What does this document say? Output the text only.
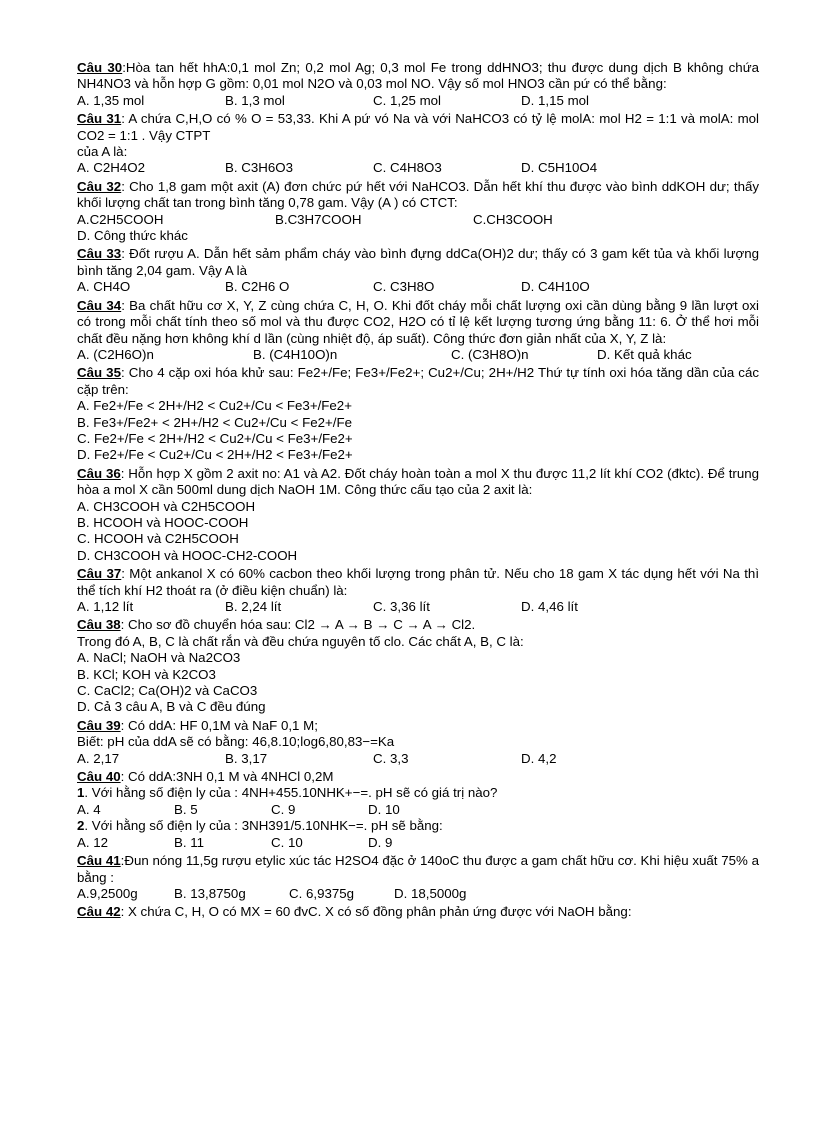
Câu 30:Hòa tan hết hhA:0,1 mol Zn; 0,2 mol Ag; 0,3 mol Fe trong ddHNO3; thu được dung dịch B không chứa NH4NO3 và hỗn hợp G gồm: 0,01 mol N2O và 0,03 mol NO. Vậy số mol HNO3 cần pứ có thể bằng:

A. 1,35 mol	B. 1,3 mol	C. 1,25 mol	D. 1,15 mol

Câu 31: A chứa C,H,O có % O = 53,33. Khi A pứ vó Na và với NaHCO3 có tỷ lệ molA: mol H2 = 1:1 và molA: mol CO2 = 1:1 . Vậy CTPT

của A là:

A. C2H4O2	B. C3H6O3	C. C4H8O3	D. C5H10O4

Câu 32: Cho 1,8 gam một axit (A) đơn chức pứ hết với NaHCO3. Dẫn hết khí thu được vào bình ddKOH dư; thấy khối lượng chất tan trong bình tăng 0,78 gam. Vậy (A ) có CTCT:

A.C2H5COOH	B.C3H7COOH	C.CH3COOH
D. Công thức khác

Câu 33: Đốt rượu A. Dẫn hết sảm phẩm cháy vào bình đựng ddCa(OH)2 dư; thấy có 3 gam kết tủa và khối lượng bình tăng 2,04 gam. Vậy A là

A. CH4O	B. C2H6 O	C. C3H8O	D. C4H10O

Câu 34: Ba chất hữu cơ X, Y, Z cùng chứa C, H, O. Khi đốt cháy mỗi chất lượng oxi cần dùng bằng 9 lần lượt oxi có trong mỗi chất tính theo số mol và thu được CO2, H2O có tỉ lệ kết lượng tương ứng bằng 11: 6. Ở thể hơi mỗi chất đều nặng hơn không khí d lần (cùng nhiệt độ, áp suất). Công thức đơn giản nhất của X, Y, Z là:

A. (C2H6O)n	B. (C4H10O)n	C. (C3H8O)n	D. Kết quả khác

Câu 35: Cho 4 cặp oxi hóa khử sau: Fe2+/Fe; Fe3+/Fe2+; Cu2+/Cu; 2H+/H2 Thứ tự tính oxi hóa tăng dần của các cặp trên:

A. Fe2+/Fe < 2H+/H2 < Cu2+/Cu < Fe3+/Fe2+
B. Fe3+/Fe2+ < 2H+/H2 < Cu2+/Cu < Fe2+/Fe
C. Fe2+/Fe < 2H+/H2 < Cu2+/Cu < Fe3+/Fe2+
D. Fe2+/Fe < Cu2+/Cu < 2H+/H2 < Fe3+/Fe2+

Câu 36: Hỗn hợp X gồm 2 axit no: A1 và A2. Đốt cháy hoàn toàn a mol X thu được 11,2 lít khí CO2 (đktc). Để trung hòa a mol X cần 500ml dung dịch NaOH 1M. Công thức cấu tạo của 2 axit là:

A. CH3COOH và C2H5COOH
B. HCOOH và HOOC-COOH
C. HCOOH và C2H5COOH
D. CH3COOH và HOOC-CH2-COOH

Câu 37: Một ankanol X có 60% cacbon theo khối lượng trong phân tử. Nếu cho 18 gam X tác dụng hết với Na thì thể tích khí H2 thoát ra (ở điều kiện chuẩn) là:

A. 1,12 lít	B. 2,24 lít	C. 3,36 lít	D. 4,46 lít

Câu 38: Cho sơ đồ chuyển hóa sau: Cl2 → A → B → C → A → Cl2.

Trong đó A, B, C là chất rắn và đều chứa nguyên tố clo. Các chất A, B, C là:

A. NaCl; NaOH và Na2CO3
B. KCl; KOH và K2CO3
C. CaCl2; Ca(OH)2 và CaCO3
D. Cả 3 câu A, B và C đều đúng

Câu 39: Có ddA: HF 0,1M và NaF 0,1 M;

Biết: pH của ddA sẽ có bằng: 46,8.10;log6,80,83−=Ka

A. 2,17	B. 3,17	C. 3,3	D. 4,2

Câu 40: Có ddA:3NH 0,1 M và 4NHCl 0,2M

1. Với hằng số điện ly của : 4NH+455.10NHK+−=. pH sẽ có giá trị nào?

A. 4	B. 5	C. 9	D. 10

2. Với hằng số điện ly của : 3NH391/5.10NHK−=. pH sẽ bằng:

A. 12	B. 11	C. 10	D. 9

Câu 41:Đun nóng 11,5g rượu etylic xúc tác H2SO4 đặc ở 140oC thu được a gam chất hữu cơ. Khi hiệu xuất 75% a bằng :

A.9,2500g	B. 13,8750g	C. 6,9375g	D. 18,5000g

Câu 42: X chứa C, H, O có MX = 60 đvC. X có số đồng phân phản ứng được với NaOH bằng:
